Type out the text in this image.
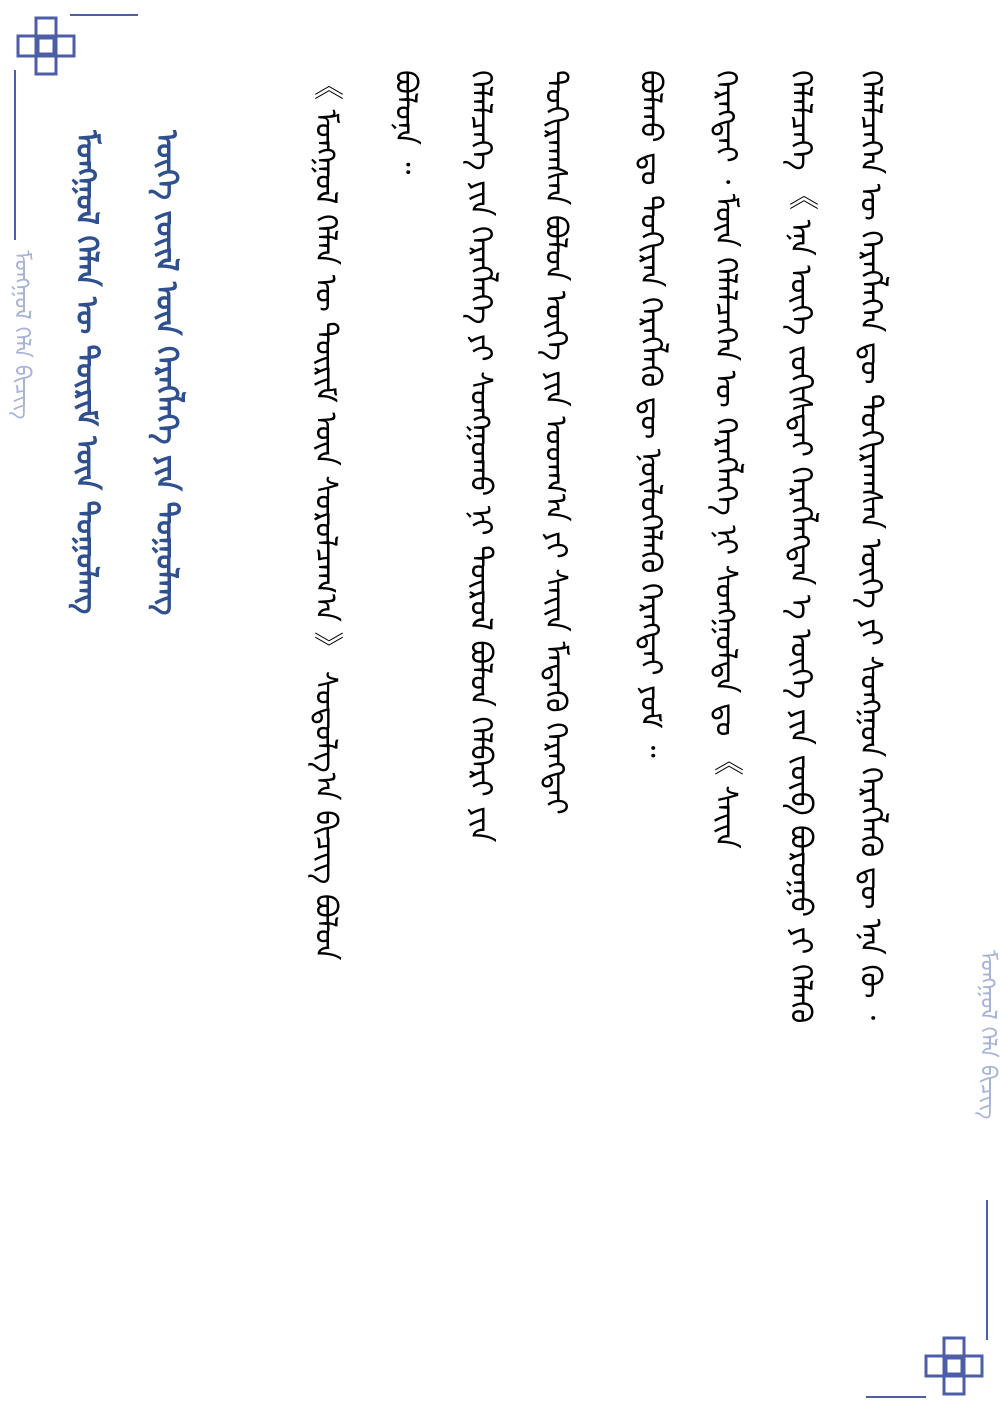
ᠮᠣᠩᠭᠣᠯ ᠬᠡᠯᠡ ᠪᠢᠴᠢᠭ
ᠮᠣᠩᠭᠣᠯ ᠬᠡᠯᠡ ᠪᠢᠴᠢᠭ
ᠮᠣᠩᠭᠣᠯ ᠬᠡᠯᠡᠨ ᠦ ᠳᠦᠷᠢᠮ ᠦᠨ ᠳᠤᠭᠤᠯᠠᠩ	ᠦᠭᠡ ᠵᠦᠢᠯ ᠦᠨ ᠬᠡᠷᠡᠭᠯᠡᠭᠡ ᠶᠢᠨ ᠳᠤᠭᠤᠯᠠᠩ	ᠬᠡᠯᠡᠯᠴᠡᠭᠡᠨ ᠦ ᠬᠡᠷᠡᠭᠯᠡᠭᠡᠨ ᠳᠦ ᠲᠣᠬᠢᠷᠠᠭᠰᠠᠨ ᠦᠭᠡ ᠶᠢ ᠰᠣᠩᠭᠣᠨ ᠬᠡᠷᠡᠭᠯᠡᠬᠦ ᠳᠦ ᠡᠨᠡ ᠬᠦ ᠂
ᠬᠡᠯᠡᠯᠴᠡᠭᠡ 《 ᠡᠨᠡ ᠦᠭᠡ ᠵᠣᠬᠢᠰᠲᠠᠢ ᠬᠡᠷᠡᠭᠯᠡᠭᠳᠡᠨ ᠡ ᠦᠭᠡ ᠶᠢᠨ ᠵᠥᠪ ᠪᠤᠷᠤᠭᠤ ᠶᠢ ᠬᠡᠯᠡᠬᠦ
ᠬᠡᠷᠡᠭᠲᠡᠢ ᠂ ᠮᠥᠨ ᠬᠡᠯᠡᠯᠴᠡᠭᠡᠨ ᠦ ᠬᠡᠷᠡᠭᠯᠡᠭᠡ ᠨᠢ ᠰᠣᠩᠭᠣᠯᠲᠠ ᠳᠤ 《 ᠰᠠᠶ᠋ᠢᠨ
ᠪᠣᠯᠬᠤ ᠳᠤ ᠲᠣᠬᠢᠷᠠᠨ ᠬᠡᠷᠡᠭᠯᠡᠬᠦ ᠳᠦ ᠨᠥᠯᠥᠭᠡᠯᠡᠬᠦ ᠬᠡᠷᠡᠭᠲᠡᠢ ᠶᠤᠮ ᠃
ᠲᠣᠬᠢᠷᠠᠭᠰᠠᠨ ᠪᠣᠯᠤᠨ ᠦᠭᠡ ᠶᠢᠨ ᠤᠳᠬ᠎ᠠ ᠶᠢ ᠰᠠᠶ᠋ᠢᠨ ᠮᠡᠳᠡᠬᠦ ᠬᠡᠷᠡᠭᠲᠡᠢ
ᠬᠡᠯᠡᠯᠴᠡᠭᠡ ᠶᠢᠨ ᠬᠡᠷᠡᠭᠯᠡᠭᠡ ᠶᠢ ᠰᠣᠩᠭᠣᠬᠤ ᠨᠢ ᠲᠥᠷᠥᠯ ᠪᠣᠯᠤᠨ ᠬᠡᠯᠪᠡᠷᠢ ᠶᠢᠨ
ᠪᠣᠯᠤᠨᠠ ᠃
《 ᠮᠣᠩᠭᠣᠯ ᠬᠡᠯᠡᠨ ᠦ ᠳᠦᠷᠢᠮ ᠦᠨ ᠰᠤᠷᠤᠯᠴᠠᠭ᠎ᠠ 》 ᠰᠤᠳᠤᠯᠭ᠎ᠠ ᠪᠢᠴᠢᠭ ᠪᠣᠯᠤᠨ
